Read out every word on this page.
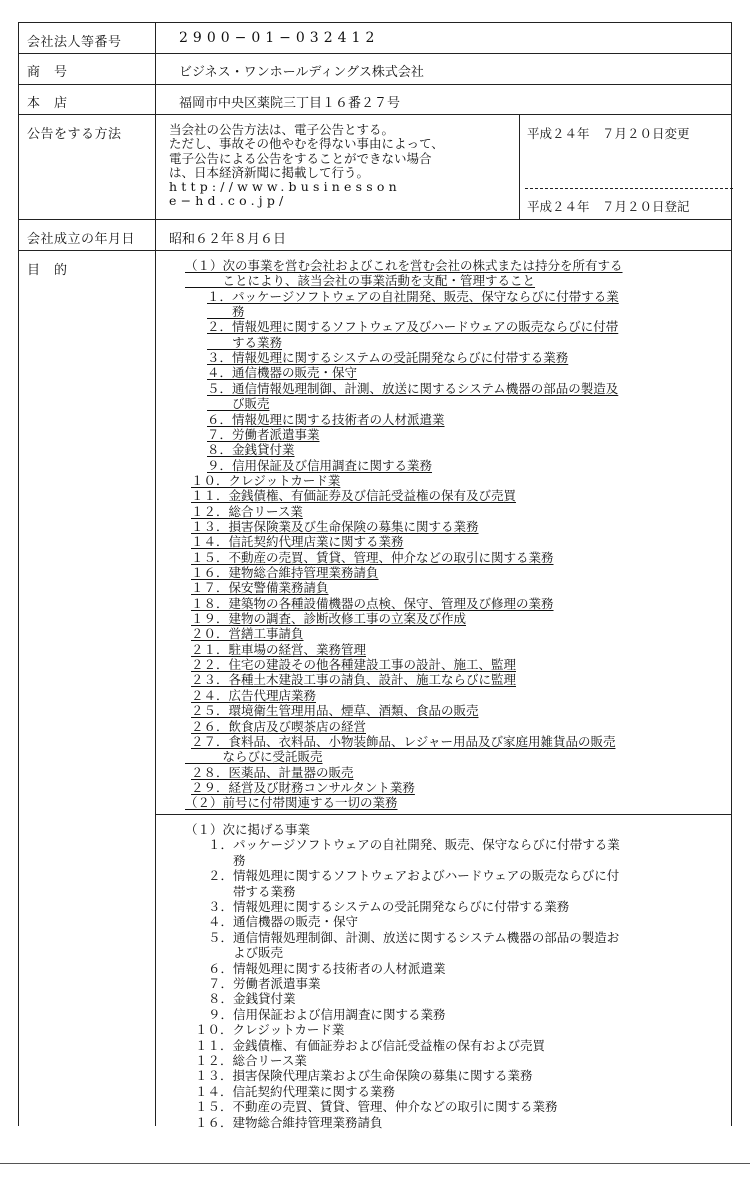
会社法人等番号	2900−01−032412
商　号	ビジネス・ワンホールディングス株式会社
本　店	福岡市中央区薬院三丁目１６番２７号
公告をする方法	当会社の公告方法は、電子公告とする。
ただし、事故その他やむを得ない事由によって、
電子公告による公告をすることができない場合
は、日本経済新聞に掲載して行う。
http://www.businesson
e−hd.co.jp/
平成２４年　７月２０日変更
平成２４年　７月２０日登記
会社成立の年月日	昭和６２年８月６日
目　的	（１）次の事業を営む会社およびこれを営む会社の株式または持分を所有する
　　　ことにより、該当会社の事業活動を支配・管理すること
１．パッケージソフトウェアの自社開発、販売、保守ならびに付帯する業
　　務
２．情報処理に関するソフトウェア及びハードウェアの販売ならびに付帯
　　する業務
３．情報処理に関するシステムの受託開発ならびに付帯する業務
４．通信機器の販売・保守
５．通信情報処理制御、計測、放送に関するシステム機器の部品の製造及
　　び販売
６．情報処理に関する技術者の人材派遣業
７．労働者派遣事業
８．金銭貸付業
９．信用保証及び信用調査に関する業務
１０．クレジットカード業
１１．金銭債権、有価証券及び信託受益権の保有及び売買
１２．総合リース業
１３．損害保険業及び生命保険の募集に関する業務
１４．信託契約代理店業に関する業務
１５．不動産の売買、賃貸、管理、仲介などの取引に関する業務
１６．建物総合維持管理業務請負
１７．保安警備業務請負
１８．建築物の各種設備機器の点検、保守、管理及び修理の業務
１９．建物の調査、診断改修工事の立案及び作成
２０．営繕工事請負
２１．駐車場の経営、業務管理
２２．住宅の建設その他各種建設工事の設計、施工、監理
２３．各種土木建設工事の請負、設計、施工ならびに監理
２４．広告代理店業務
２５．環境衛生管理用品、煙草、酒類、食品の販売
２６．飲食店及び喫茶店の経営
２７．食料品、衣料品、小物装飾品、レジャー用品及び家庭用雑貨品の販売
　　　ならびに受託販売
２８．医薬品、計量器の販売
２９．経営及び財務コンサルタント業務
（２）前号に付帯関連する一切の業務
（１）次に掲げる事業
１．パッケージソフトウェアの自社開発、販売、保守ならびに付帯する業
　　務
２．情報処理に関するソフトウェアおよびハードウェアの販売ならびに付
　　帯する業務
３．情報処理に関するシステムの受託開発ならびに付帯する業務
４．通信機器の販売・保守
５．通信情報処理制御、計測、放送に関するシステム機器の部品の製造お
　　よび販売
６．情報処理に関する技術者の人材派遣業
７．労働者派遣事業
８．金銭貸付業
９．信用保証および信用調査に関する業務
１０．クレジットカード業
１１．金銭債権、有価証券および信託受益権の保有および売買
１２．総合リース業
１３．損害保険代理店業および生命保険の募集に関する業務
１４．信託契約代理業に関する業務
１５．不動産の売買、賃貸、管理、仲介などの取引に関する業務
１６．建物総合維持管理業務請負
